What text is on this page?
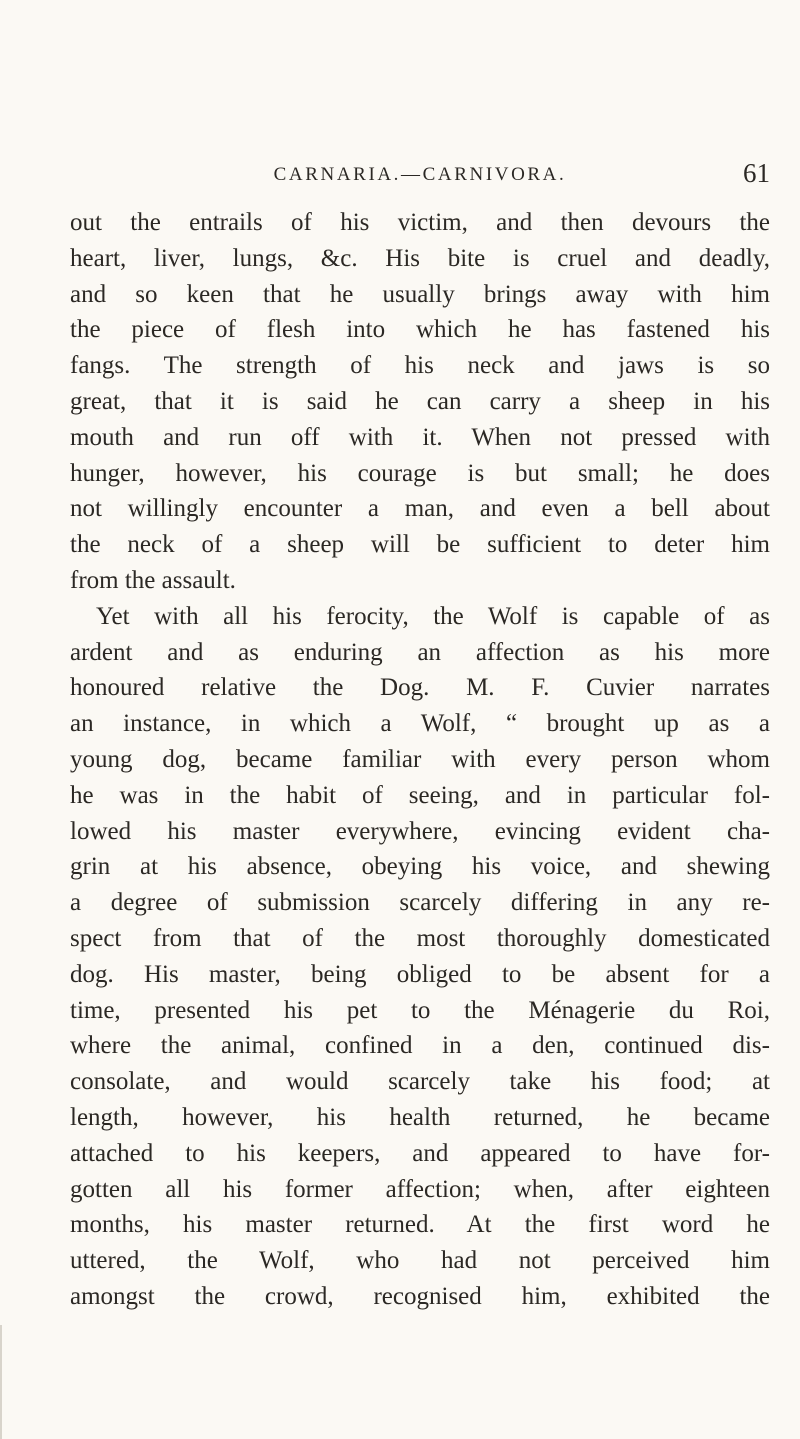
CARNARIA.—CARNIVORA.	61
out the entrails of his victim, and then devours the
heart, liver, lungs, &c. His bite is cruel and deadly,
and so keen that he usually brings away with him
the piece of flesh into which he has fastened his
fangs. The strength of his neck and jaws is so
great, that it is said he can carry a sheep in his
mouth and run off with it. When not pressed with
hunger, however, his courage is but small; he does
not willingly encounter a man, and even a bell about
the neck of a sheep will be sufficient to deter him
from the assault.
Yet with all his ferocity, the Wolf is capable of as
ardent and as enduring an affection as his more
honoured relative the Dog. M. F. Cuvier narrates
an instance, in which a Wolf, “ brought up as a
young dog, became familiar with every person whom
he was in the habit of seeing, and in particular fol-
lowed his master everywhere, evincing evident cha-
grin at his absence, obeying his voice, and shewing
a degree of submission scarcely differing in any re-
spect from that of the most thoroughly domesticated
dog. His master, being obliged to be absent for a
time, presented his pet to the Ménagerie du Roi,
where the animal, confined in a den, continued dis-
consolate, and would scarcely take his food; at
length, however, his health returned, he became
attached to his keepers, and appeared to have for-
gotten all his former affection; when, after eighteen
months, his master returned. At the first word he
uttered, the Wolf, who had not perceived him
amongst the crowd, recognised him, exhibited the
